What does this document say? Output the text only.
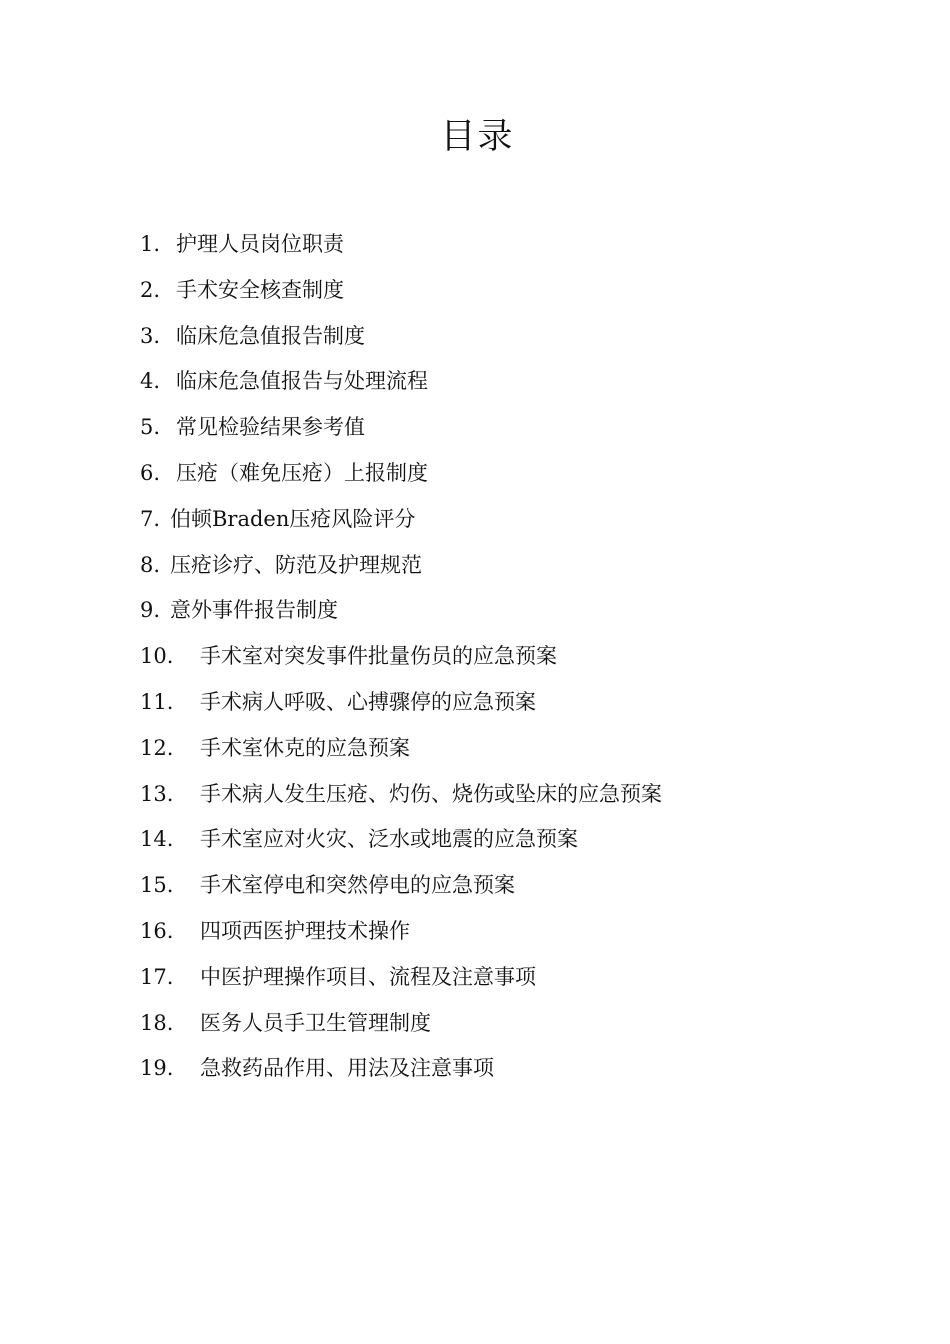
目录
1. 护理人员岗位职责
2. 手术安全核查制度
3. 临床危急值报告制度
4. 临床危急值报告与处理流程
5. 常见检验结果参考值
6. 压疮（难免压疮）上报制度
7. 伯顿Braden压疮风险评分
8. 压疮诊疗、防范及护理规范
9. 意外事件报告制度
10.	手术室对突发事件批量伤员的应急预案
11.	手术病人呼吸、心搏骤停的应急预案
12.	手术室休克的应急预案
13.	手术病人发生压疮、灼伤、烧伤或坠床的应急预案
14.	手术室应对火灾、泛水或地震的应急预案
15.	手术室停电和突然停电的应急预案
16.	四项西医护理技术操作
17.	中医护理操作项目、流程及注意事项
18.	医务人员手卫生管理制度
19.	急救药品作用、用法及注意事项
